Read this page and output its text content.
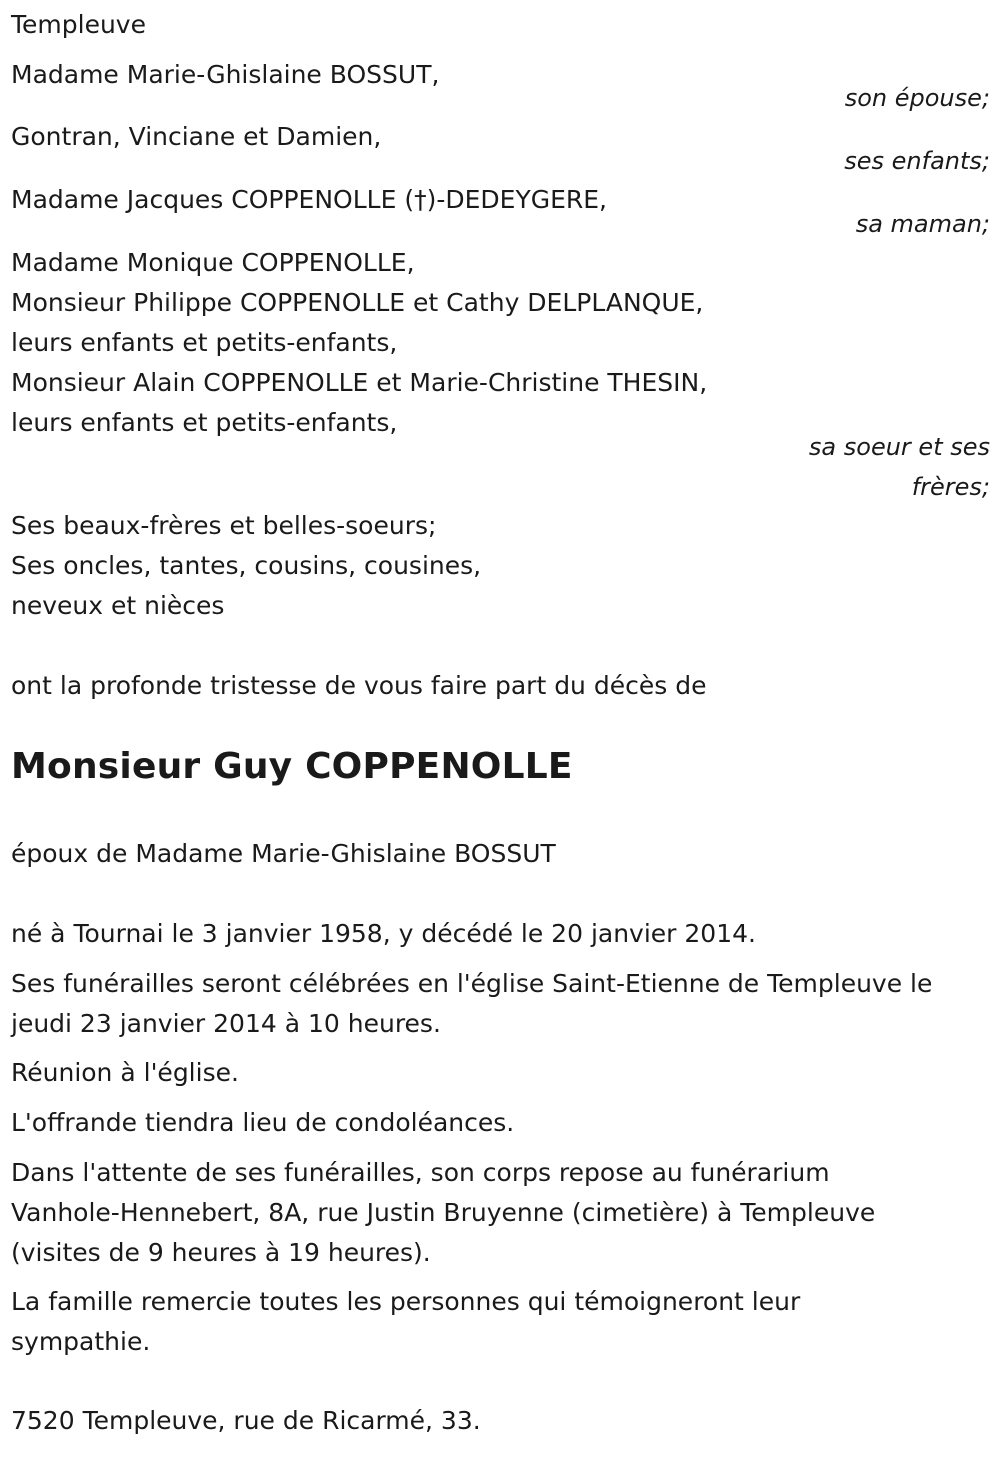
Templeuve
Madame Marie-Ghislaine BOSSUT,
son épouse;
Gontran, Vinciane et Damien,
ses enfants;
Madame Jacques COPPENOLLE (†)-DEDEYGERE,
sa maman;
Madame Monique COPPENOLLE,
Monsieur Philippe COPPENOLLE et Cathy DELPLANQUE,
leurs enfants et petits-enfants,
Monsieur Alain COPPENOLLE et Marie-Christine THESIN,
leurs enfants et petits-enfants,
sa soeur et ses
frères;
Ses beaux-frères et belles-soeurs;
Ses oncles, tantes, cousins, cousines,
neveux et nièces
ont la profonde tristesse de vous faire part du décès de
Monsieur Guy COPPENOLLE
époux de Madame Marie-Ghislaine BOSSUT
né à Tournai le 3 janvier 1958, y décédé le 20 janvier 2014.
Ses funérailles seront célébrées en l'église Saint-Etienne de Templeuve le
jeudi 23 janvier 2014 à 10 heures.
Réunion à l'église.
L'offrande tiendra lieu de condoléances.
Dans l'attente de ses funérailles, son corps repose au funérarium
Vanhole-Hennebert, 8A, rue Justin Bruyenne (cimetière) à Templeuve
(visites de 9 heures à 19 heures).
La famille remercie toutes les personnes qui témoigneront leur
sympathie.
7520 Templeuve, rue de Ricarmé, 33.
